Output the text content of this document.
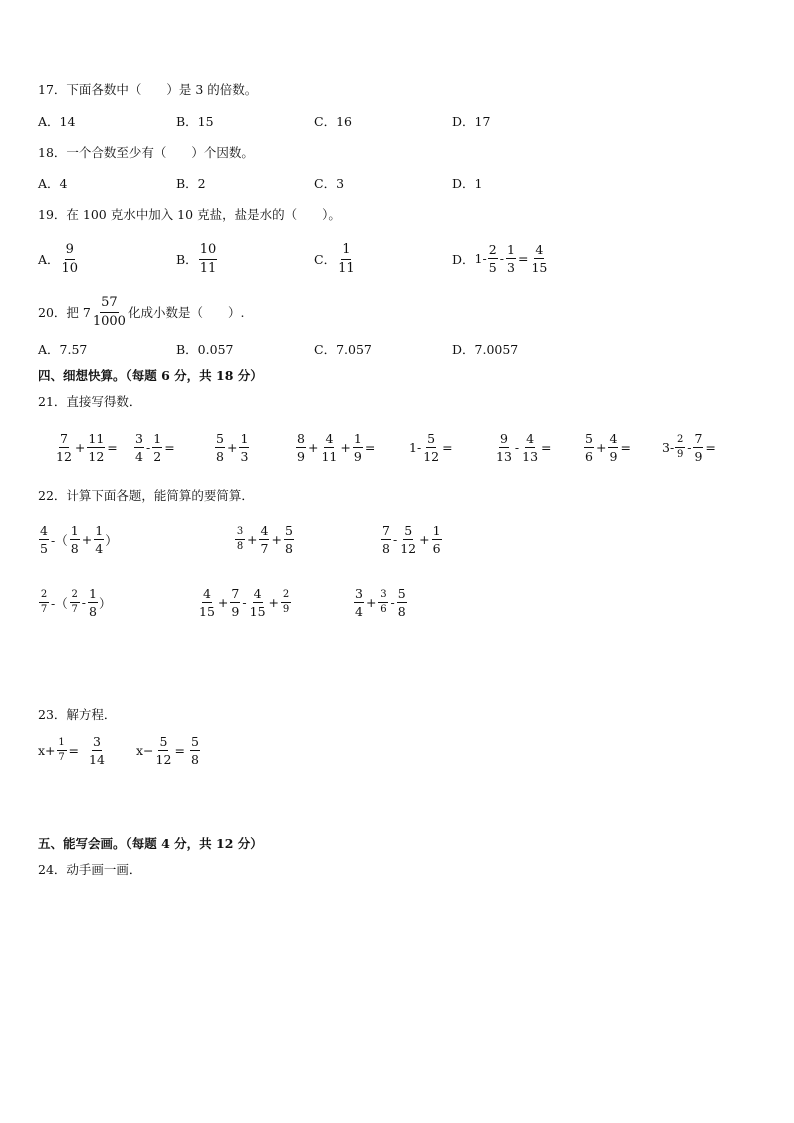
17．下面各数中（　　）是 3 的倍数。
A．14	B．15	C．16	D．17
18．一个合数至少有（　　）个因数。
A．4	B．2	C．3	D．1
19．在 100 克水中加入 10 克盐，盐是水的（　　）。
A． $\frac{9}{10}$	B． $\frac{10}{11}$	C． $\frac{1}{11}$	D． $1- \frac{2}{5} - \frac{1}{3} = \frac{4}{15}$
20．把 $7 \frac{57}{1000}$ 化成小数是（　　）.
A．7.57	B．0.057	C．7.057	D．7.0057
四、细想快算。（每题 6 分，共 18 分）
21．直接写得数．
$\frac{7}{12} + \frac{11}{12} = \frac{3}{4} - \frac{1}{2}$ =	$\frac{5}{8} + \frac{1}{3}$	$\frac{8}{9} + \frac{4}{11} + \frac{1}{9}$ =	$1- \frac{5}{12}$ =	$\frac{9}{13} - \frac{4}{13}$ =	$\frac{5}{6} + \frac{4}{9} = 3- \frac{2}{9} - \frac{7}{9}$ =
22．计算下面各题，能简算的要简算．
$\frac{4}{5}$ -（ $\frac{1}{8} + \frac{1}{4}$ ）	$\frac{3}{8} + \frac{4}{7} + \frac{5}{8}$	$\frac{7}{8} - \frac{5}{12} + \frac{1}{6}$
$\frac{2}{7}$ -（ $\frac{2}{7} - \frac{1}{8}$ ）	$\frac{4}{15} + \frac{7}{9} - \frac{4}{15} + \frac{2}{9}$	$\frac{3}{4} + \frac{3}{6} - \frac{5}{8}$
23．解方程．
$x+ \frac{1}{7} = \frac{3}{14} x- \frac{5}{12} = \frac{5}{8}$
五、能写会画。（每题 4 分，共 12 分）
24．动手画一画．
